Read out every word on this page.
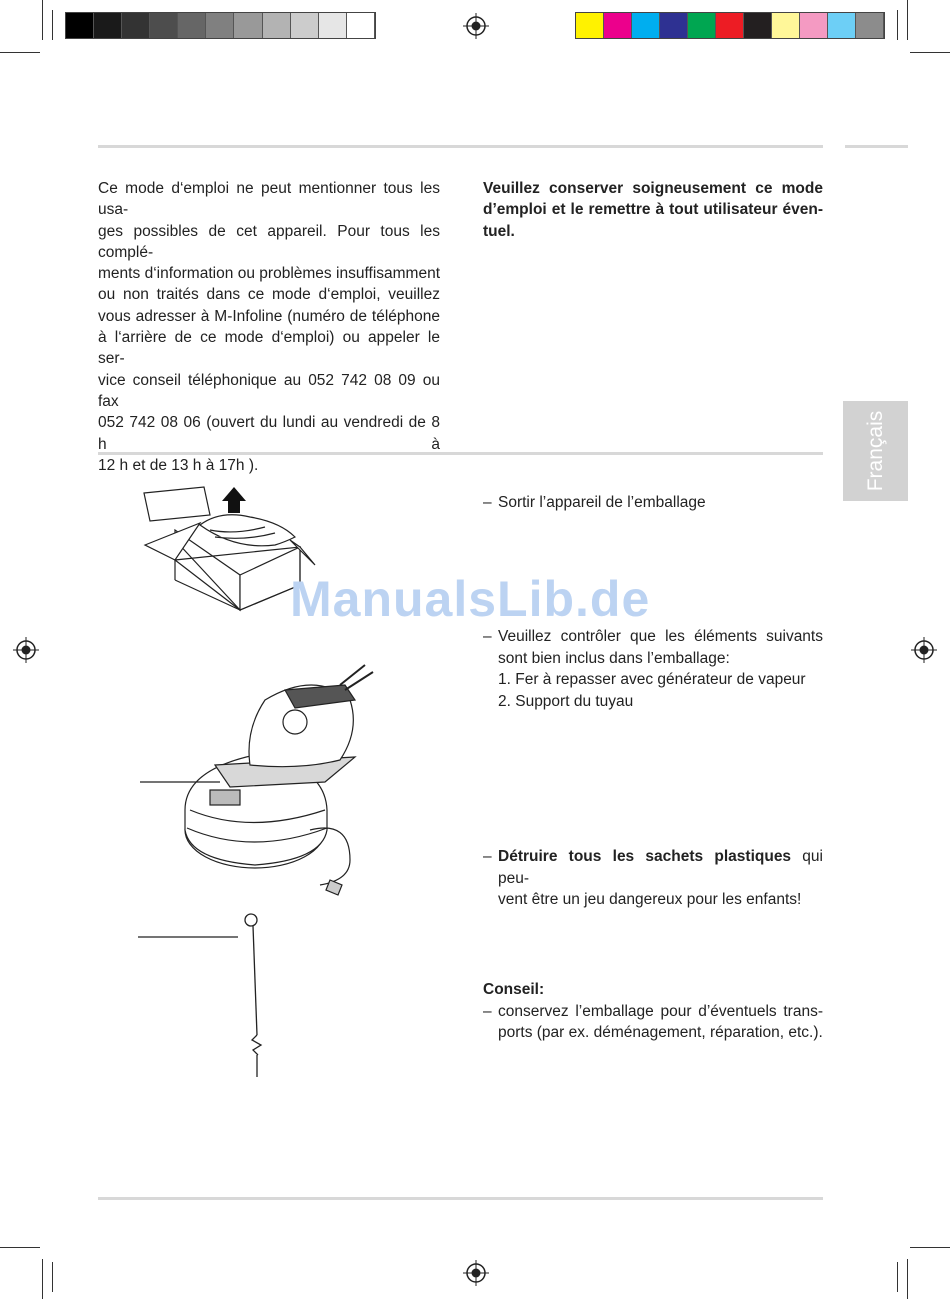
Ce mode d‘emploi ne peut mentionner tous les usa-
ges possibles de cet appareil. Pour tous les complé-
ments d‘information ou problèmes insuffisamment
ou non traités dans ce mode d‘emploi, veuillez
vous adresser à M-Infoline (numéro de téléphone
à l‘arrière de ce mode d‘emploi) ou appeler le ser-
vice conseil téléphonique au 052 742 08 09 ou fax
052 742 08 06 (ouvert du lundi au vendredi de 8 h à
12 h et de 13 h à 17h ).
Veuillez conserver soigneusement ce mode
d’emploi et le remettre à tout utilisateur éven-
tuel.
Français
ManualsLib.de
– Sortir l’appareil de l’emballage
– Veuillez contrôler que les éléments suivants
sont bien inclus dans l’emballage:
1. Fer à repasser avec générateur de vapeur
2. Support du tuyau
– Détruire tous les sachets plastiques qui peu-
vent être un jeu dangereux pour les enfants!
Conseil:
– conservez l’emballage pour d’éventuels trans-
ports (par ex. déménagement, réparation, etc.).
